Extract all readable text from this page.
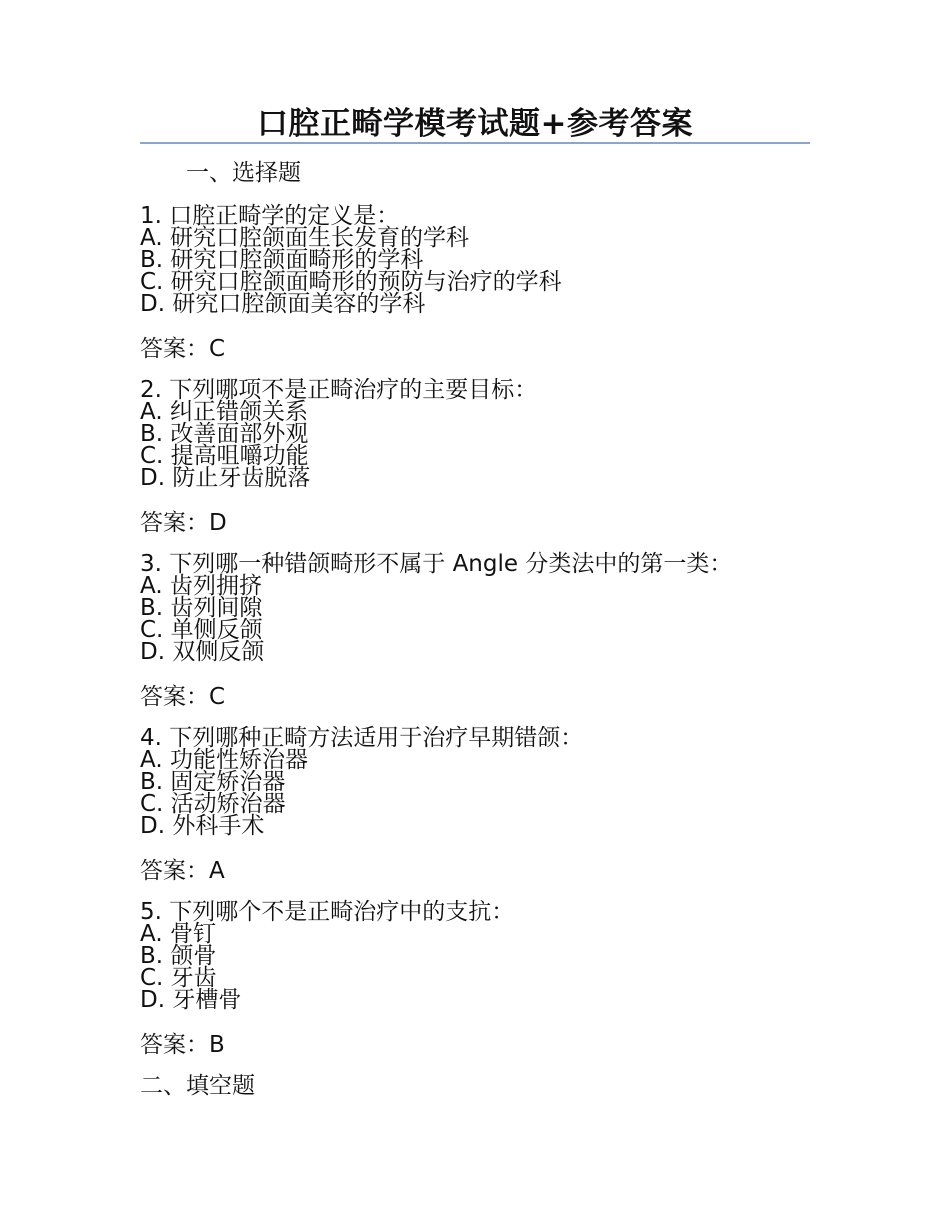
口腔正畸学模考试题+参考答案
一、选择题
1. 口腔正畸学的定义是：
A. 研究口腔颌面生长发育的学科
B. 研究口腔颌面畸形的学科
C. 研究口腔颌面畸形的预防与治疗的学科
D. 研究口腔颌面美容的学科
答案：C
2. 下列哪项不是正畸治疗的主要目标：
A. 纠正错颌关系
B. 改善面部外观
C. 提高咀嚼功能
D. 防止牙齿脱落
答案：D
3. 下列哪一种错颌畸形不属于 Angle 分类法中的第一类：
A. 齿列拥挤
B. 齿列间隙
C. 单侧反颌
D. 双侧反颌
答案：C
4. 下列哪种正畸方法适用于治疗早期错颌：
A. 功能性矫治器
B. 固定矫治器
C. 活动矫治器
D. 外科手术
答案：A
5. 下列哪个不是正畸治疗中的支抗：
A. 骨钉
B. 颌骨
C. 牙齿
D. 牙槽骨
答案：B
二、填空题
